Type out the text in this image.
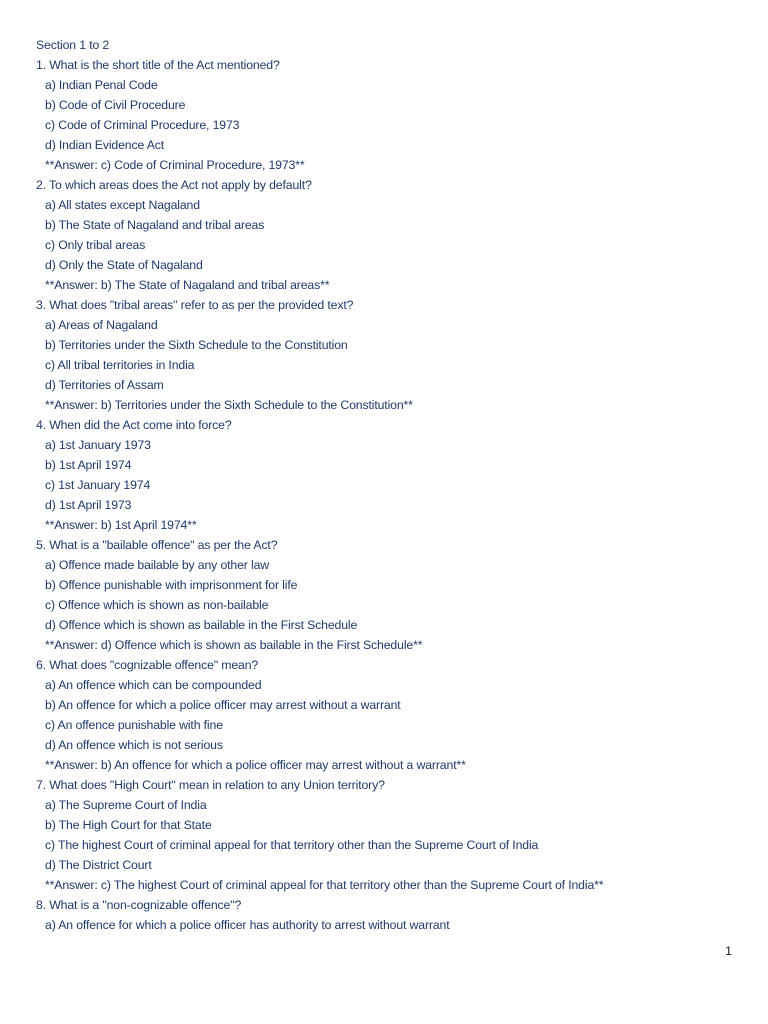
Section 1 to 2
1. What is the short title of the Act mentioned?
a) Indian Penal Code
b) Code of Civil Procedure
c) Code of Criminal Procedure, 1973
d) Indian Evidence Act
**Answer: c) Code of Criminal Procedure, 1973**
2. To which areas does the Act not apply by default?
a) All states except Nagaland
b) The State of Nagaland and tribal areas
c) Only tribal areas
d) Only the State of Nagaland
**Answer: b) The State of Nagaland and tribal areas**
3. What does "tribal areas" refer to as per the provided text?
a) Areas of Nagaland
b) Territories under the Sixth Schedule to the Constitution
c) All tribal territories in India
d) Territories of Assam
**Answer: b) Territories under the Sixth Schedule to the Constitution**
4. When did the Act come into force?
a) 1st January 1973
b) 1st April 1974
c) 1st January 1974
d) 1st April 1973
**Answer: b) 1st April 1974**
5. What is a "bailable offence" as per the Act?
a) Offence made bailable by any other law
b) Offence punishable with imprisonment for life
c) Offence which is shown as non-bailable
d) Offence which is shown as bailable in the First Schedule
**Answer: d) Offence which is shown as bailable in the First Schedule**
6. What does "cognizable offence" mean?
a) An offence which can be compounded
b) An offence for which a police officer may arrest without a warrant
c) An offence punishable with fine
d) An offence which is not serious
**Answer: b) An offence for which a police officer may arrest without a warrant**
7. What does "High Court" mean in relation to any Union territory?
a) The Supreme Court of India
b) The High Court for that State
c) The highest Court of criminal appeal for that territory other than the Supreme Court of India
d) The District Court
**Answer: c) The highest Court of criminal appeal for that territory other than the Supreme Court of India**
8. What is a "non-cognizable offence"?
a) An offence for which a police officer has authority to arrest without warrant
1
